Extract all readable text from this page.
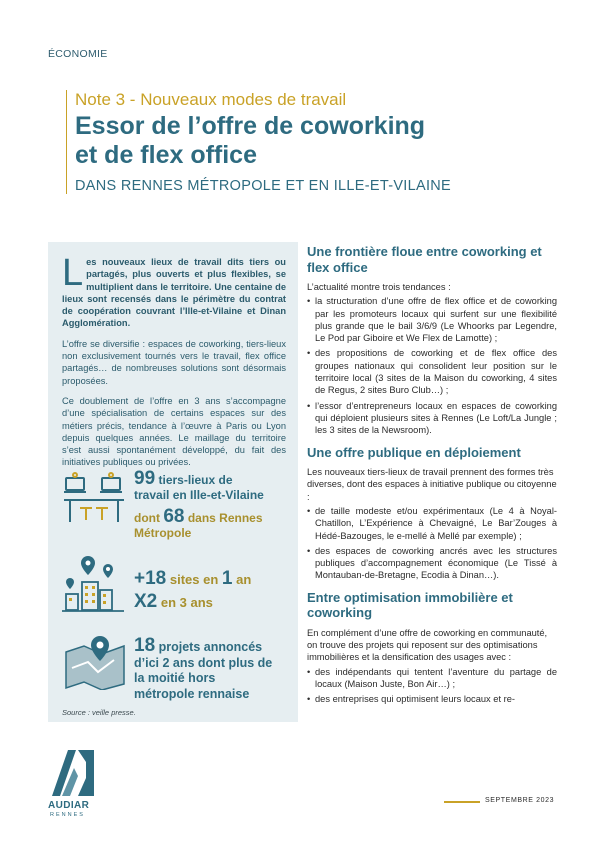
ÉCONOMIE
Note 3 - Nouveaux modes de travail
Essor de l’offre de coworking
et de flex office
DANS RENNES MÉTROPOLE ET EN ILLE-ET-VILAINE

Les nouveaux lieux de travail dits tiers ou partagés, plus ouverts et plus flexibles, se multiplient dans le territoire. Une centaine de lieux sont recensés dans le périmètre du contrat de coopération couvrant l’Ille-et-Vilaine et Dinan Agglomération.

L’offre se diversifie : espaces de coworking, tiers-lieux non exclusivement tournés vers le travail, flex office partagés… de nombreuses solutions sont désormais proposées.

Ce doublement de l’offre en 3 ans s’accompagne d’une spécialisation de certains espaces sur des métiers précis, tendance à l’œuvre à Paris ou Lyon depuis quelques années. Le maillage du territoire s’est aussi spontanément développé, du fait des initiatives publiques ou privées.

99 tiers-lieux de
travail en Ille-et-Vilaine
dont 68 dans Rennes
Métropole
+18 sites en 1 an
X2 en 3 ans
18 projets annoncés
d’ici 2 ans dont plus de
la moitié hors
métropole rennaise
Source : veille presse.
Une frontière floue entre coworking et flex office

L’actualité montre trois tendances :

• la structuration d’une offre de flex office et de coworking par les promoteurs locaux qui surfent sur une flexibilité plus grande que le bail 3/6/9 (Le Whoorks par Legendre, Le Pod par Giboire et We Flex de Lamotte) ;
• des propositions de coworking et de flex office des groupes nationaux qui consolident leur position sur le territoire local (3 sites de la Maison du coworking, 4 sites de Regus, 2 sites Buro Club…) ;
• l’essor d’entrepreneurs locaux en espaces de coworking qui déploient plusieurs sites à Rennes (Le Loft/La Jungle ; les 3 sites de la Newsroom).
Une offre publique en déploiement

Les nouveaux tiers-lieux de travail prennent des formes très diverses, dont des espaces à initiative publique ou citoyenne :

• de taille modeste et/ou expérimentaux (Le 4 à Noyal-Chatillon, L’Expérience à Chevaigné, Le Bar’Zouges à Hédé-Bazouges, le e-mellé à Mellé par exemple) ;
• des espaces de coworking ancrés avec les structures publiques d’accompagnement économique (Le Tissé à Montauban-de-Bretagne, Ecodia à Dinan…).
Entre optimisation immobilière et coworking

En complément d’une offre de coworking en communauté, on trouve des projets qui reposent sur des optimisations immobilières et la densification des usages avec :

• des indépendants qui tentent l’aventure du partage de locaux (Maison Juste, Bon Air…) ;
• des entreprises qui optimisent leurs locaux et re-
AUDIAR
RENNES
SEPTEMBRE 2023
